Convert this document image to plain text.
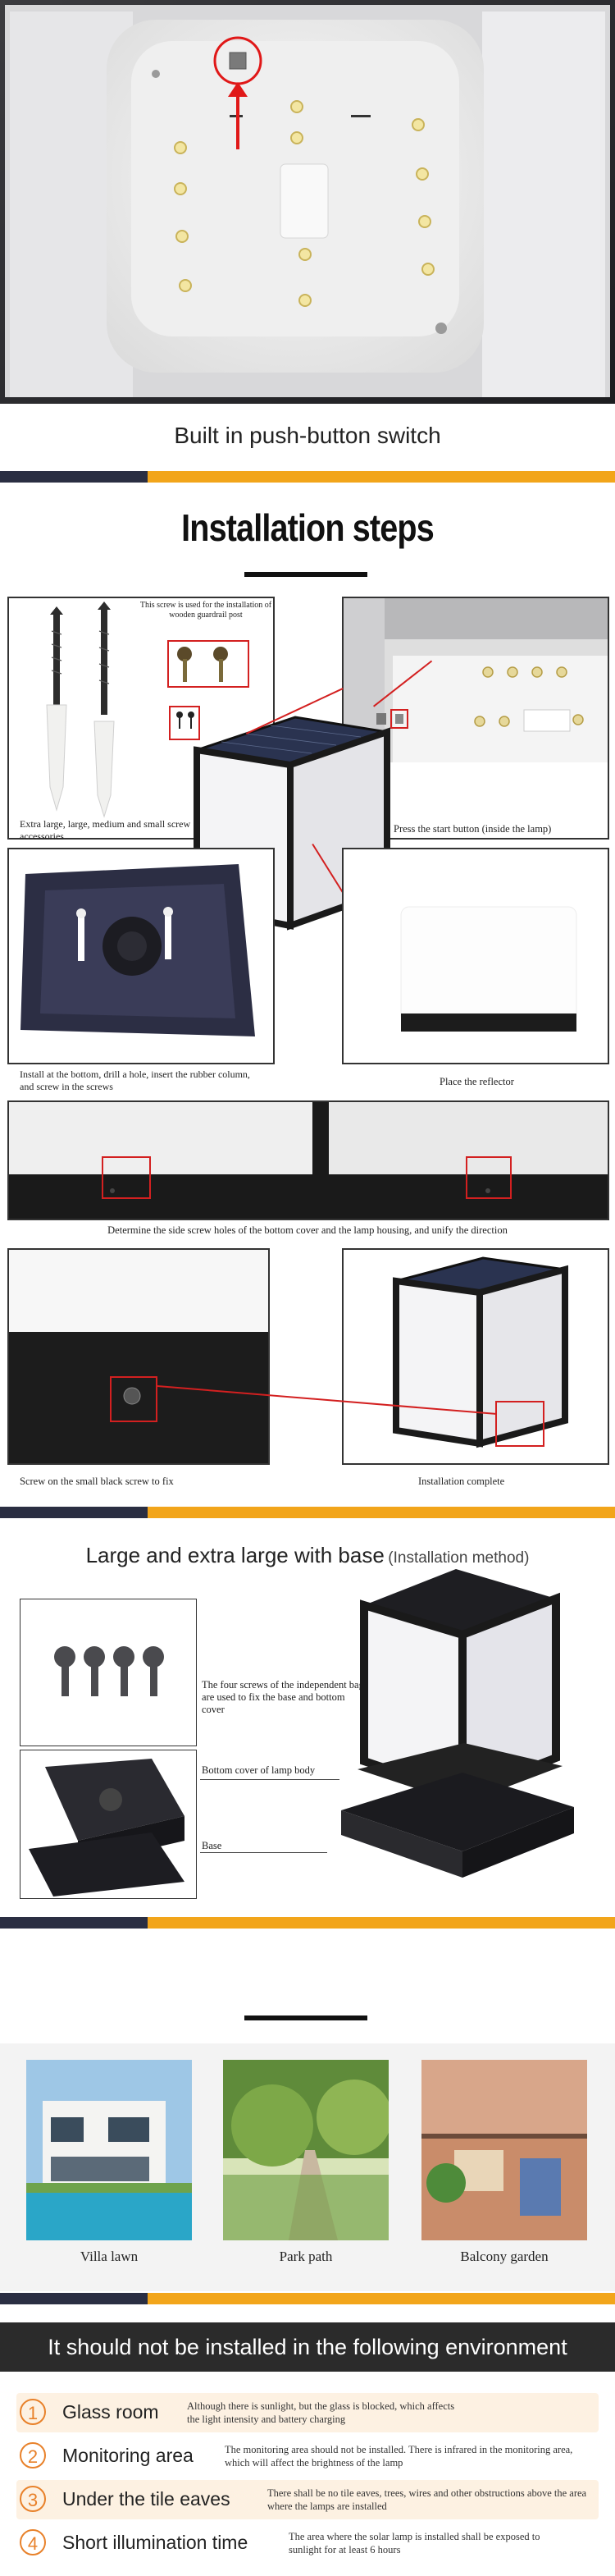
Built in push-button switch
Installation steps
This screw is used for the installation of wooden guardrail post
Extra large, large, medium and small screw accessories
Press the start button (inside the lamp)
Install at the bottom, drill a hole, insert the rubber column, and screw in the screws	Place the reflector
Determine the side screw holes of the bottom cover and the lamp housing, and unify the direction
Screw on the small black screw to fix	Installation complete
Large and extra large with base (Installation method)
The four screws of the independent bag are used to fix the base and bottom cover
Bottom cover of lamp body
Base
Villa lawn	Park path	Balcony garden
It should not be installed in the following environment
1	Glass room	Although there is sunlight, but the glass is blocked, which affects the light intensity and battery charging
2	Monitoring area	The monitoring area should not be installed. There is infrared in the monitoring area, which will affect the brightness of the lamp
3	Under the tile eaves	There shall be no tile eaves, trees, wires and other obstructions above the area where the lamps are installed
4	Short illumination time	The area where the solar lamp is installed shall be exposed to sunlight for at least 6 hours
